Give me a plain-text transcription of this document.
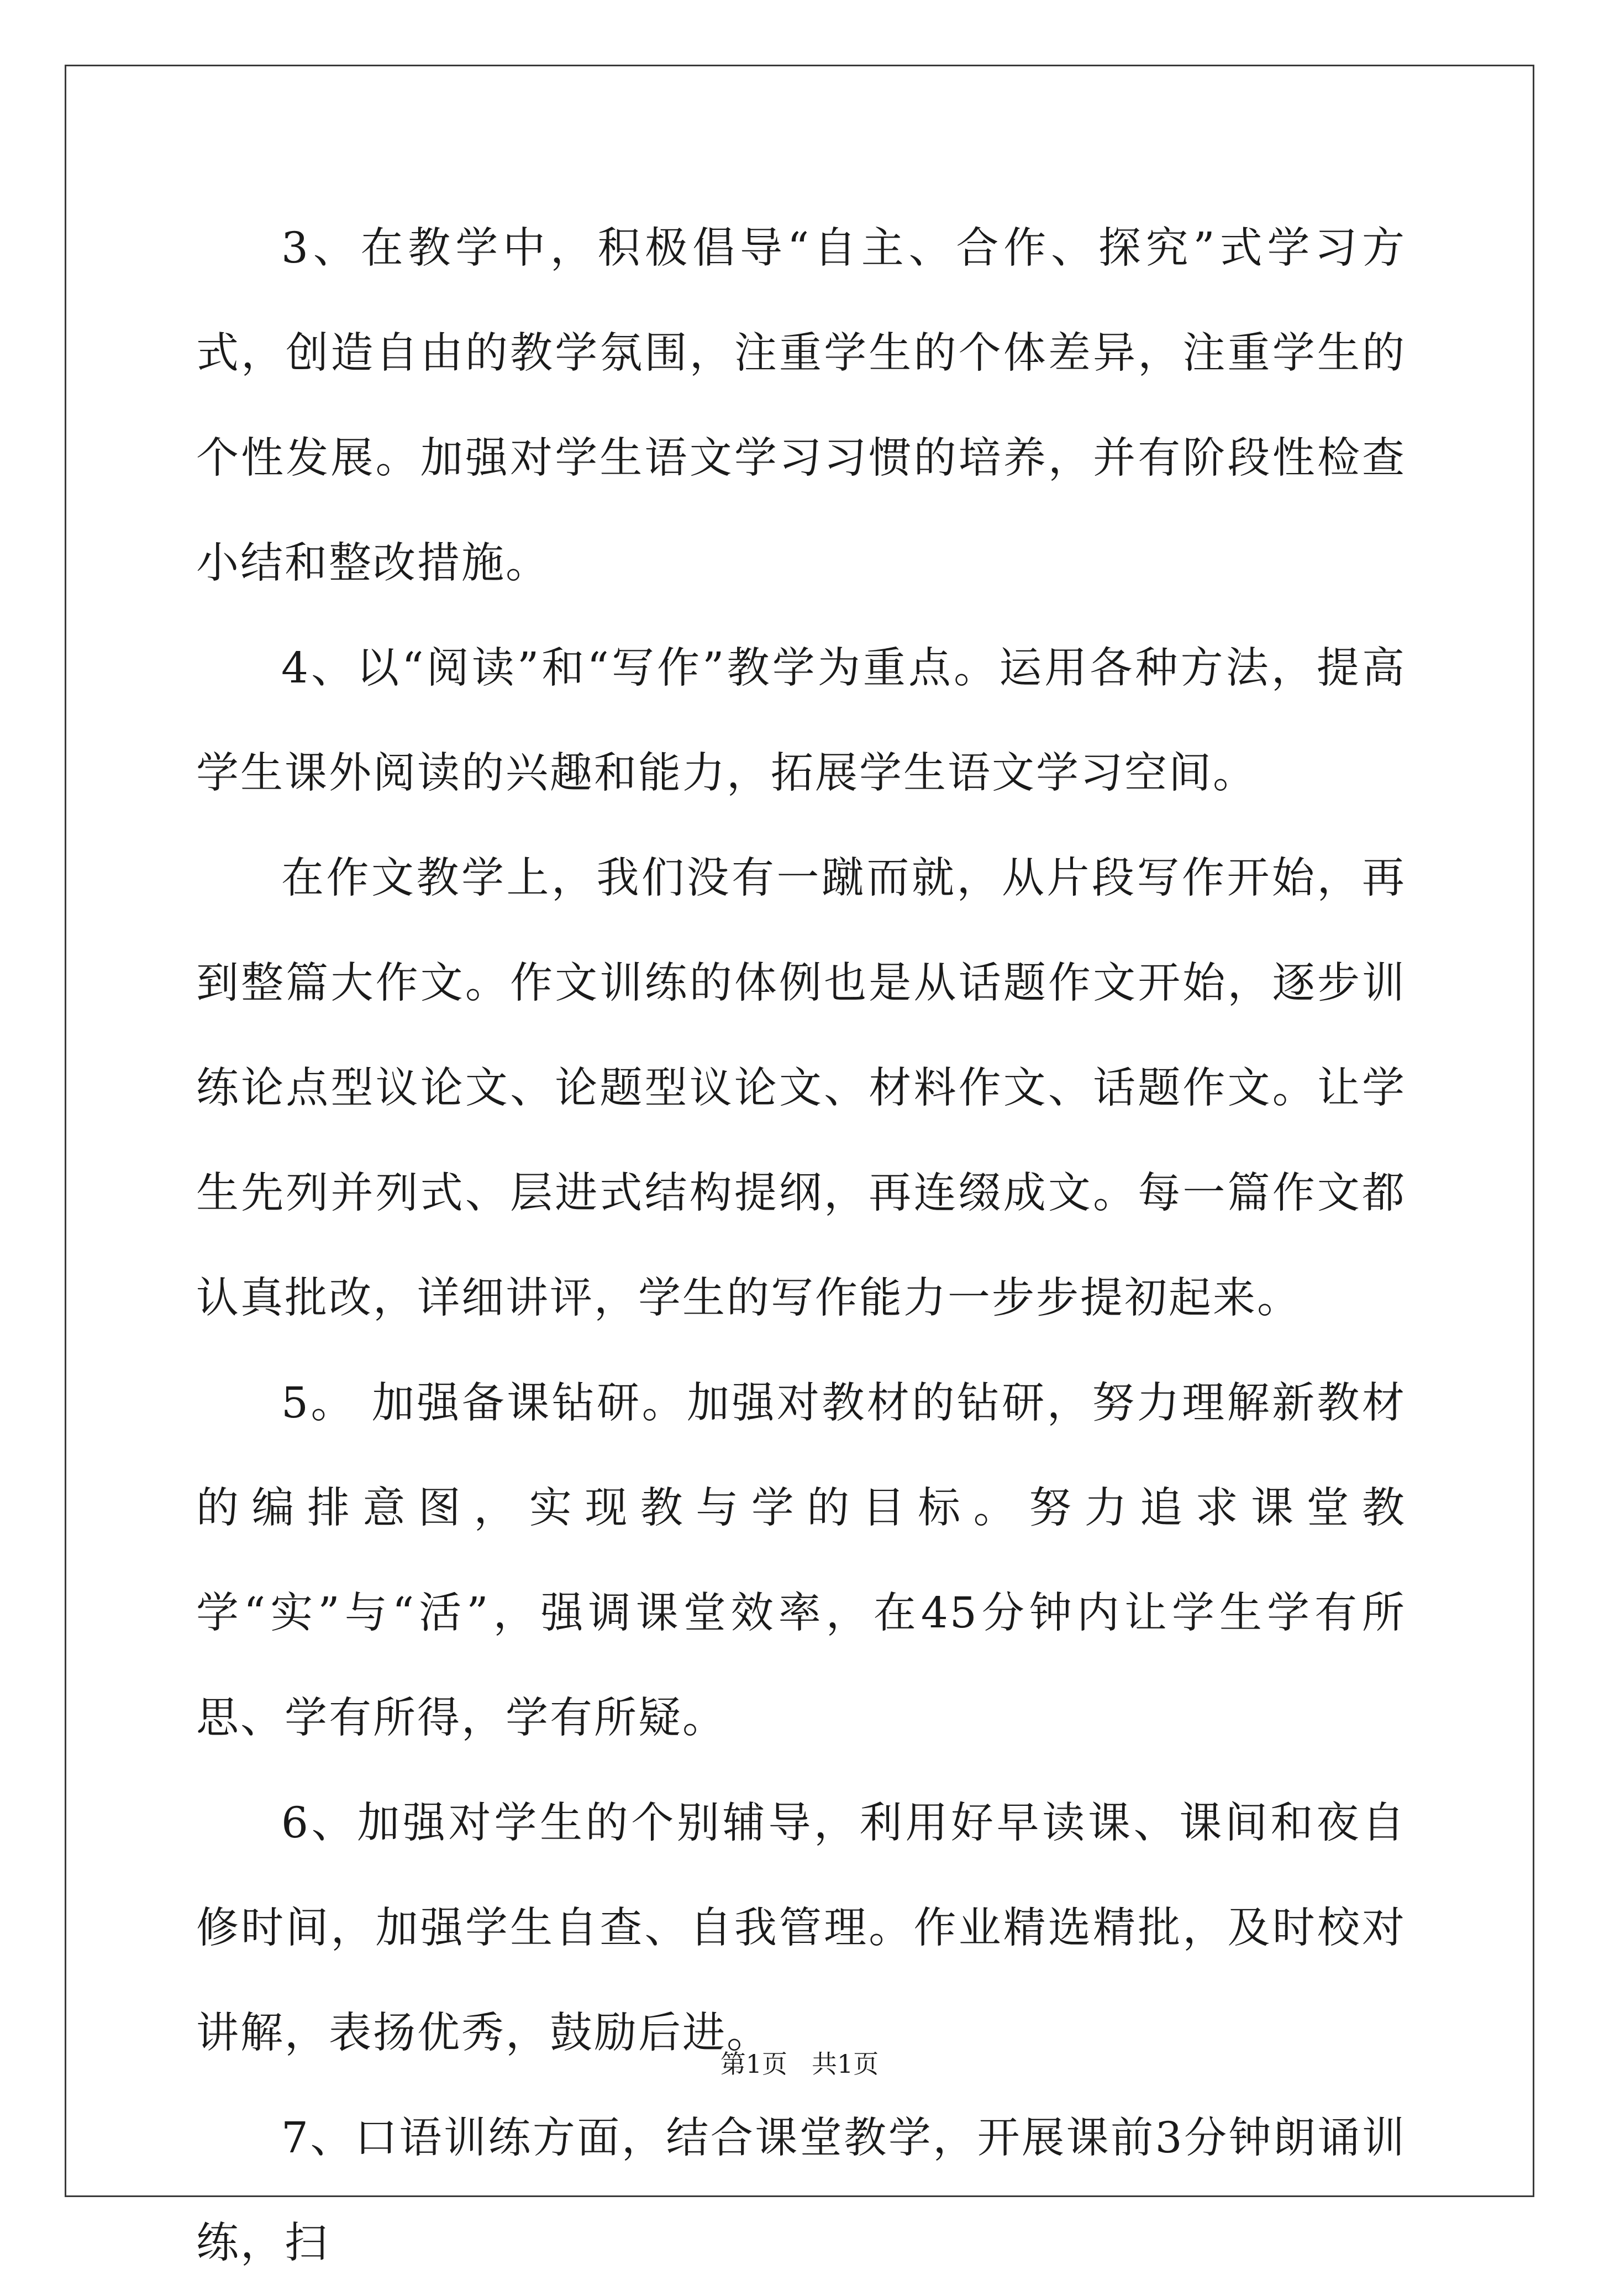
3、在教学中，积极倡导“自主、合作、探究”式学习方式，创造自由的教学氛围，注重学生的个体差异，注重学生的个性发展。加强对学生语文学习习惯的培养，并有阶段性检查小结和整改措施。

4、以“阅读”和“写作”教学为重点。运用各种方法，提高学生课外阅读的兴趣和能力，拓展学生语文学习空间。

在作文教学上，我们没有一蹴而就，从片段写作开始，再到整篇大作文。作文训练的体例也是从话题作文开始，逐步训练论点型议论文、论题型议论文、材料作文、话题作文。让学生先列并列式、层进式结构提纲，再连缀成文。每一篇作文都认真批改，详细讲评，学生的写作能力一步步提初起来。

5。 加强备课钻研。加强对教材的钻研，努力理解新教材的编排意图，实现教与学的目标。努力追求课堂教学“实”与“活”，强调课堂效率，在45分钟内让学生学有所思、学有所得，学有所疑。

6、加强对学生的个别辅导，利用好早读课、课间和夜自修时间，加强学生自查、自我管理。作业精选精批，及时校对讲解，表扬优秀，鼓励后进。

7、口语训练方面，结合课堂教学，开展课前3分钟朗诵训练，扫

第1页 共1页
